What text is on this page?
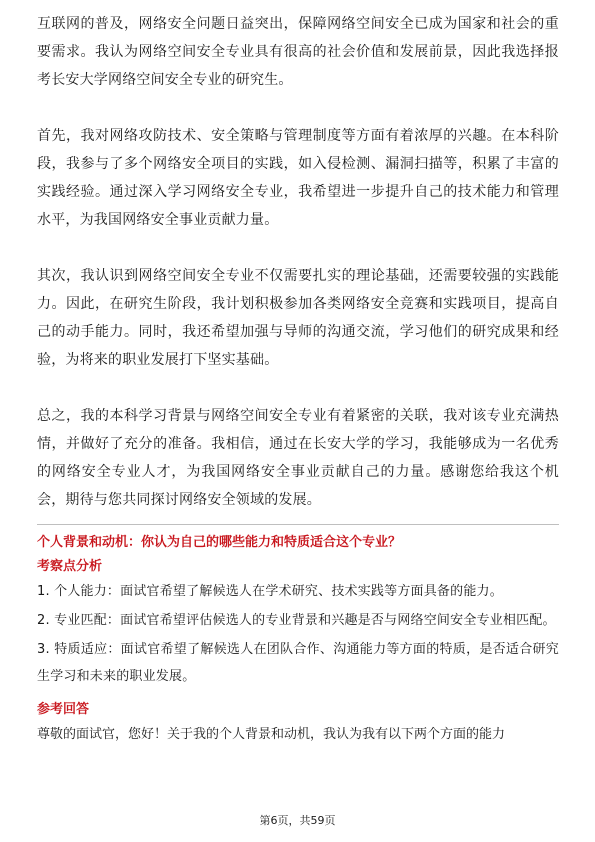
互联网的普及，网络安全问题日益突出，保障网络空间安全已成为国家和社会的重要需求。我认为网络空间安全专业具有很高的社会价值和发展前景，因此我选择报考长安大学网络空间安全专业的研究生。

首先，我对网络攻防技术、安全策略与管理制度等方面有着浓厚的兴趣。在本科阶段，我参与了多个网络安全项目的实践，如入侵检测、漏洞扫描等，积累了丰富的实践经验。通过深入学习网络安全专业，我希望进一步提升自己的技术能力和管理水平，为我国网络安全事业贡献力量。

其次，我认识到网络空间安全专业不仅需要扎实的理论基础，还需要较强的实践能力。因此，在研究生阶段，我计划积极参加各类网络安全竞赛和实践项目，提高自己的动手能力。同时，我还希望加强与导师的沟通交流，学习他们的研究成果和经验，为将来的职业发展打下坚实基础。

总之，我的本科学习背景与网络空间安全专业有着紧密的关联，我对该专业充满热情，并做好了充分的准备。我相信，通过在长安大学的学习，我能够成为一名优秀的网络安全专业人才，为我国网络安全事业贡献自己的力量。感谢您给我这个机会，期待与您共同探讨网络安全领域的发展。

个人背景和动机：你认为自己的哪些能力和特质适合这个专业？

考察点分析

1. 个人能力：面试官希望了解候选人在学术研究、技术实践等方面具备的能力。

2. 专业匹配：面试官希望评估候选人的专业背景和兴趣是否与网络空间安全专业相匹配。

3. 特质适应：面试官希望了解候选人在团队合作、沟通能力等方面的特质，是否适合研究生学习和未来的职业发展。

参考回答

尊敬的面试官，您好！关于我的个人背景和动机，我认为我有以下两个方面的能力

第6页，共59页
